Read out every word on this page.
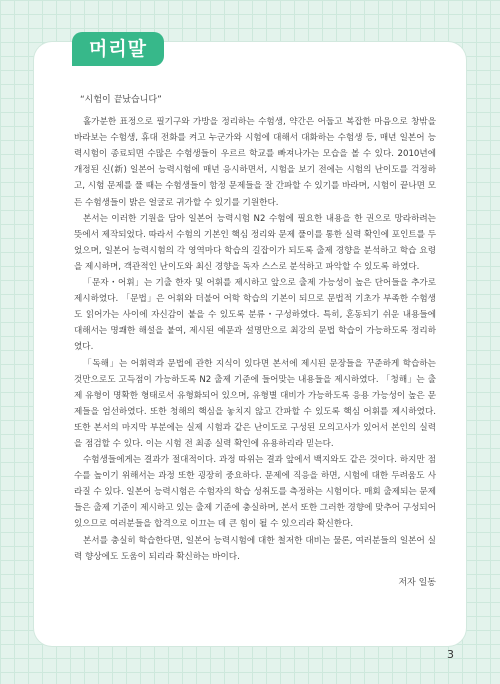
머리말

“시험이 끝났습니다”

홀가분한 표정으로 필기구와 가방을 정리하는 수험생, 약간은 어둡고 복잡한 마음으로 창밖을 바라보는 수험생, 휴대 전화를 켜고 누군가와 시험에 대해서 대화하는 수험생 등, 매년 일본어 능력시험이 종료되면 수많은 수험생들이 우르르 학교를 빠져나가는 모습을 볼 수 있다. 2010년에 개정된 신(新) 일본어 능력시험에 매년 응시하면서, 시험을 보기 전에는 시험의 난이도를 걱정하고, 시험 문제를 풀 때는 수험생들이 함정 문제들을 잘 간파할 수 있기를 바라며, 시험이 끝나면 모든 수험생들이 밝은 얼굴로 귀가할 수 있기를 기원한다.

본서는 이러한 기원을 담아 일본어 능력시험 N2 수험에 필요한 내용을 한 권으로 망라하려는 뜻에서 제작되었다. 따라서 수험의 기본인 핵심 정리와 문제 풀이를 통한 실력 확인에 포인트를 두었으며, 일본어 능력시험의 각 영역마다 학습의 길잡이가 되도록 출제 경향을 분석하고 학습 요령을 제시하며, 객관적인 난이도와 최신 경향을 독자 스스로 분석하고 파악할 수 있도록 하였다.

「문자・어휘」는 기출 한자 및 어휘를 제시하고 앞으로 출제 가능성이 높은 단어들을 추가로 제시하였다. 「문법」은 어휘와 더불어 어학 학습의 기본이 되므로 문법적 기초가 부족한 수험생도 읽어가는 사이에 자신감이 붙을 수 있도록 분류・구성하였다. 특히, 혼동되기 쉬운 내용들에 대해서는 명쾌한 해설을 붙여, 제시된 예문과 설명만으로 최강의 문법 학습이 가능하도록 정리하였다.

「독해」는 어휘력과 문법에 관한 지식이 있다면 본서에 제시된 문장들을 꾸준하게 학습하는 것만으로도 고득점이 가능하도록 N2 출제 기준에 들어맞는 내용들을 제시하였다. 「청해」는 출제 유형이 명확한 형태로서 유형화되어 있으며, 유형별 대비가 가능하도록 응용 가능성이 높은 문제들을 엄선하였다. 또한 청해의 핵심을 놓치지 않고 간파할 수 있도록 핵심 어휘를 제시하였다. 또한 본서의 마지막 부분에는 실제 시험과 같은 난이도로 구성된 모의고사가 있어서 본인의 실력을 점검할 수 있다. 이는 시험 전 최종 실력 확인에 유용하리라 믿는다.

수험생들에게는 결과가 절대적이다. 과정 따위는 결과 앞에서 백지와도 같은 것이다. 하지만 점수를 높이기 위해서는 과정 또한 굉장히 중요하다. 문제에 직응을 하면, 시험에 대한 두려움도 사라질 수 있다. 일본어 능력시험은 수험자의 학습 성취도를 측정하는 시험이다. 매회 출제되는 문제들은 출제 기준이 제시하고 있는 출제 기준에 충실하며, 본서 또한 그러한 경향에 맞추어 구성되어 있으므로 여러분들을 합격으로 이끄는 데 큰 힘이 될 수 있으리라 확신한다.

본서를 충실히 학습한다면, 일본어 능력시험에 대한 철저한 대비는 물론, 여러분들의 일본어 실력 향상에도 도움이 되리라 확신하는 바이다.

저자 일동

3
